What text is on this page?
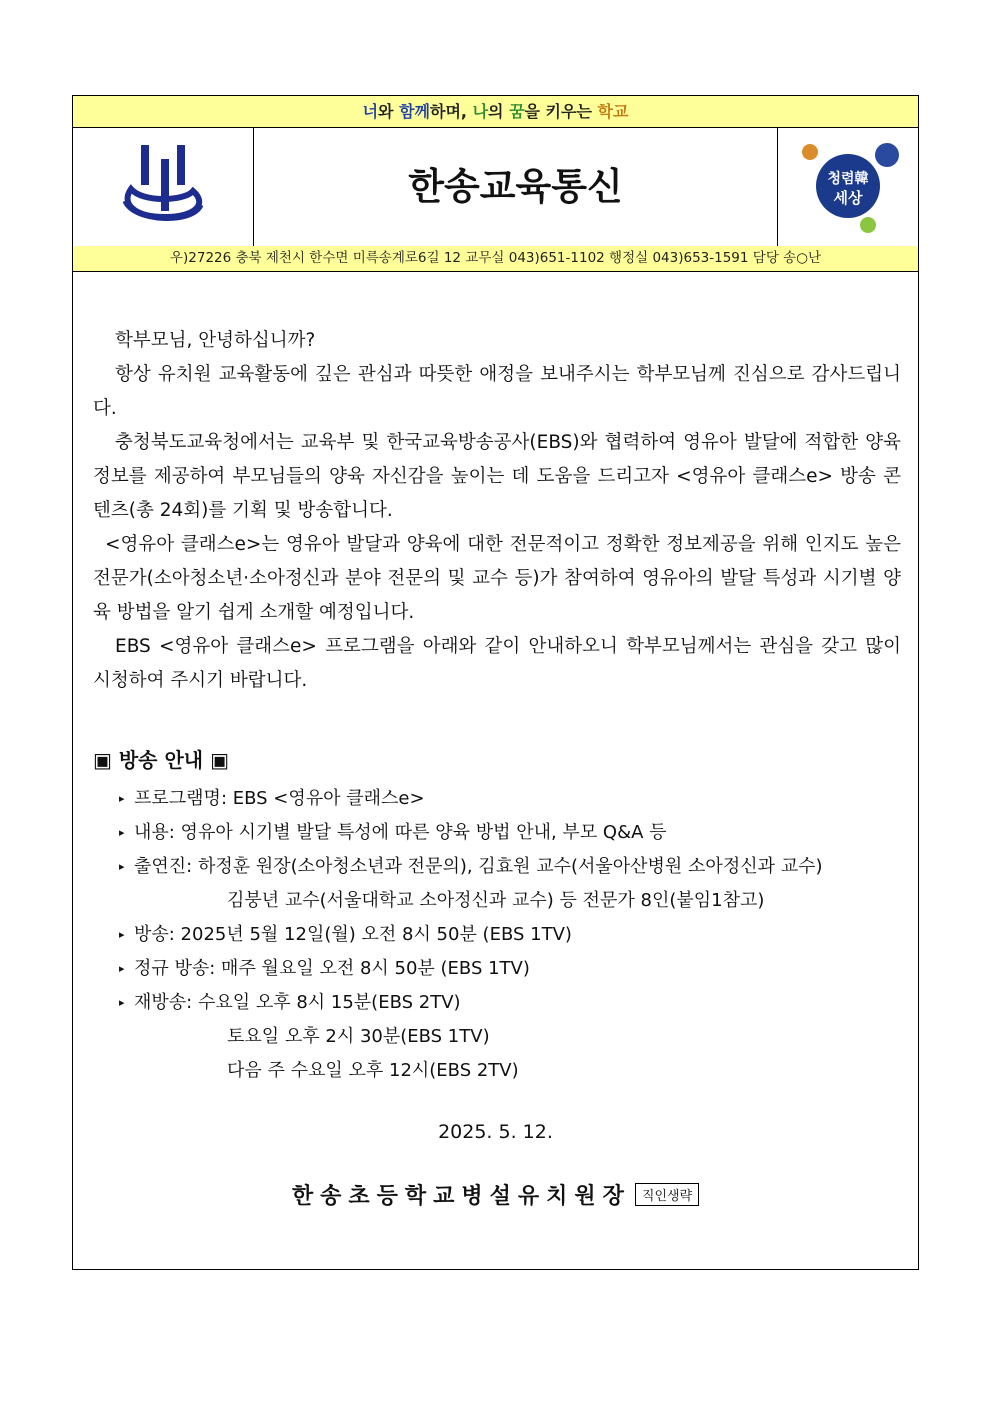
너와 함께하며, 나의 꿈을 키우는 학교
한송교육통신	청렴韓
세상
우)27226 충북 제천시 한수면 미륵송계로6길 12 교무실 043)651-1102 행정실 043)653-1591 담당 송○난

학부모님, 안녕하십니까?

항상 유치원 교육활동에 깊은 관심과 따뜻한 애정을 보내주시는 학부모님께 진심으로 감사드립니다.

충청북도교육청에서는 교육부 및 한국교육방송공사(EBS)와 협력하여 영유아 발달에 적합한 양육 정보를 제공하여 부모님들의 양육 자신감을 높이는 데 도움을 드리고자 <영유아 클래스e> 방송 콘텐츠(총 24회)를 기획 및 방송합니다.

<영유아 클래스e>는 영유아 발달과 양육에 대한 전문적이고 정확한 정보제공을 위해 인지도 높은 전문가(소아청소년·소아정신과 분야 전문의 및 교수 등)가 참여하여 영유아의 발달 특성과 시기별 양육 방법을 알기 쉽게 소개할 예정입니다.

EBS <영유아 클래스e> 프로그램을 아래와 같이 안내하오니 학부모님께서는 관심을 갖고 많이 시청하여 주시기 바랍니다.

▣ 방송 안내 ▣
▸ 프로그램명: EBS <영유아 클래스e>
▸ 내용: 영유아 시기별 발달 특성에 따른 양육 방법 안내, 부모 Q&A 등
▸ 출연진: 하정훈 원장(소아청소년과 전문의), 김효원 교수(서울아산병원 소아정신과 교수)
김붕년 교수(서울대학교 소아정신과 교수) 등 전문가 8인(붙임1참고)
▸ 방송: 2025년 5월 12일(월) 오전 8시 50분 (EBS 1TV)
▸ 정규 방송: 매주 월요일 오전 8시 50분 (EBS 1TV)
▸ 재방송: 수요일 오후 8시 15분(EBS 2TV)
토요일 오후 2시 30분(EBS 1TV)
다음 주 수요일 오후 12시(EBS 2TV)
2025. 5. 12.
한송초등학교병설유치원장 직인생략
